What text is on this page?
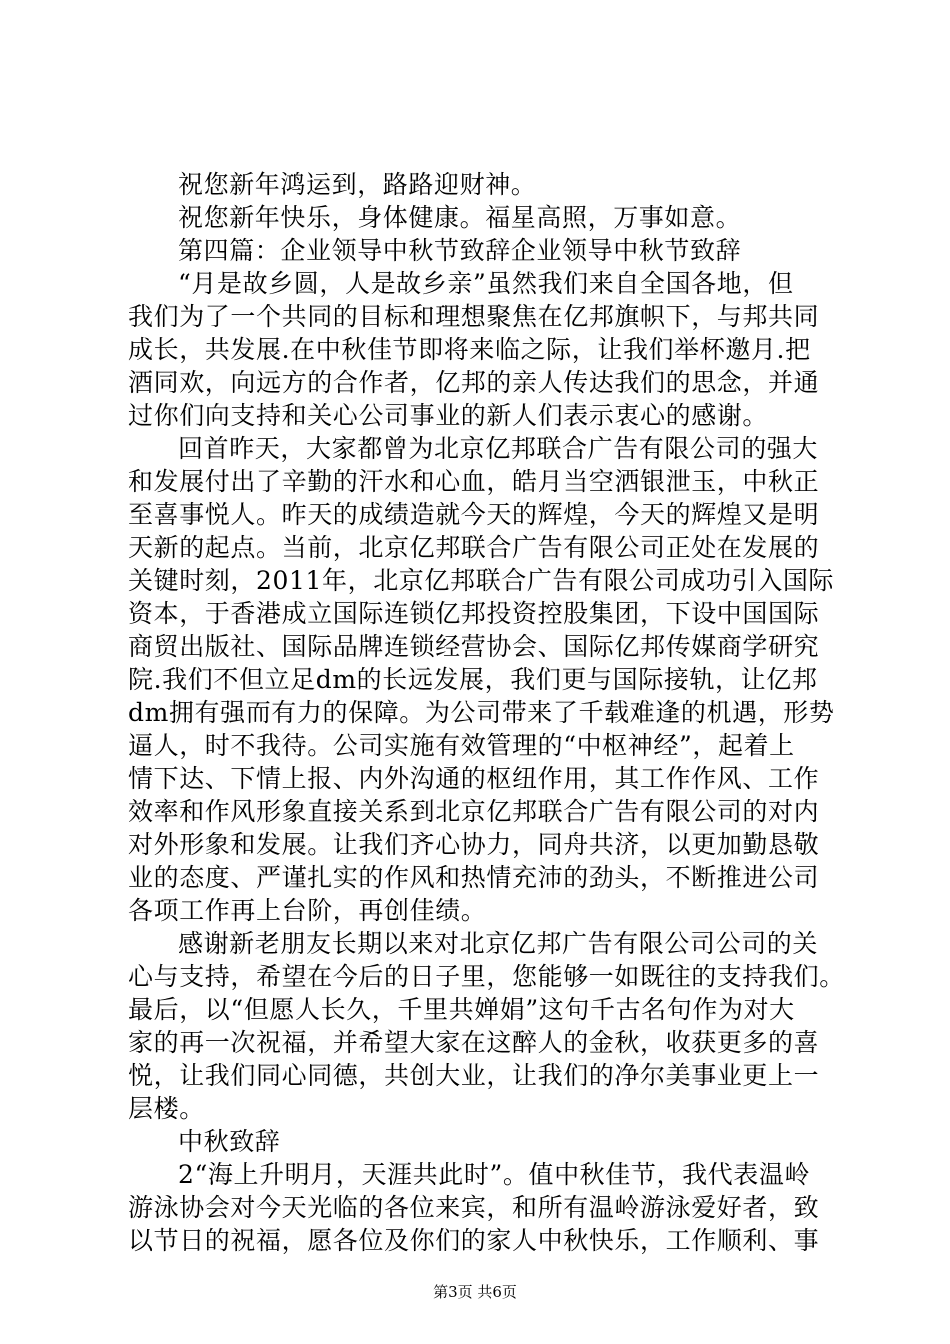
祝您新年鸿运到，路路迎财神。
祝您新年快乐，身体健康。福星高照，万事如意。
第四篇：企业领导中秋节致辞企业领导中秋节致辞
“月是故乡圆，人是故乡亲”虽然我们来自全国各地，但
我们为了一个共同的目标和理想聚焦在亿邦旗帜下，与邦共同
成长，共发展.在中秋佳节即将来临之际，让我们举杯邀月.把
酒同欢，向远方的合作者，亿邦的亲人传达我们的思念，并通
过你们向支持和关心公司事业的新人们表示衷心的感谢。
回首昨天，大家都曾为北京亿邦联合广告有限公司的强大
和发展付出了辛勤的汗水和心血，皓月当空洒银泄玉，中秋正
至喜事悦人。昨天的成绩造就今天的辉煌，今天的辉煌又是明
天新的起点。当前，北京亿邦联合广告有限公司正处在发展的
关键时刻，2011年，北京亿邦联合广告有限公司成功引入国际
资本，于香港成立国际连锁亿邦投资控股集团，下设中国国际
商贸出版社、国际品牌连锁经营协会、国际亿邦传媒商学研究
院.我们不但立足dm的长远发展，我们更与国际接轨，让亿邦
dm拥有强而有力的保障。为公司带来了千载难逢的机遇，形势
逼人，时不我待。公司实施有效管理的“中枢神经”，起着上
情下达、下情上报、内外沟通的枢纽作用，其工作作风、工作
效率和作风形象直接关系到北京亿邦联合广告有限公司的对内
对外形象和发展。让我们齐心协力，同舟共济，以更加勤恳敬
业的态度、严谨扎实的作风和热情充沛的劲头，不断推进公司
各项工作再上台阶，再创佳绩。
感谢新老朋友长期以来对北京亿邦广告有限公司公司的关
心与支持，希望在今后的日子里，您能够一如既往的支持我们。
最后，以“但愿人长久，千里共婵娟”这句千古名句作为对大
家的再一次祝福，并希望大家在这醉人的金秋，收获更多的喜
悦，让我们同心同德，共创大业，让我们的净尔美事业更上一
层楼。
中秋致辞
2“海上升明月，天涯共此时”。值中秋佳节，我代表温岭
游泳协会对今天光临的各位来宾，和所有温岭游泳爱好者，致
以节日的祝福，愿各位及你们的家人中秋快乐，工作顺利、事
第3页 共6页
